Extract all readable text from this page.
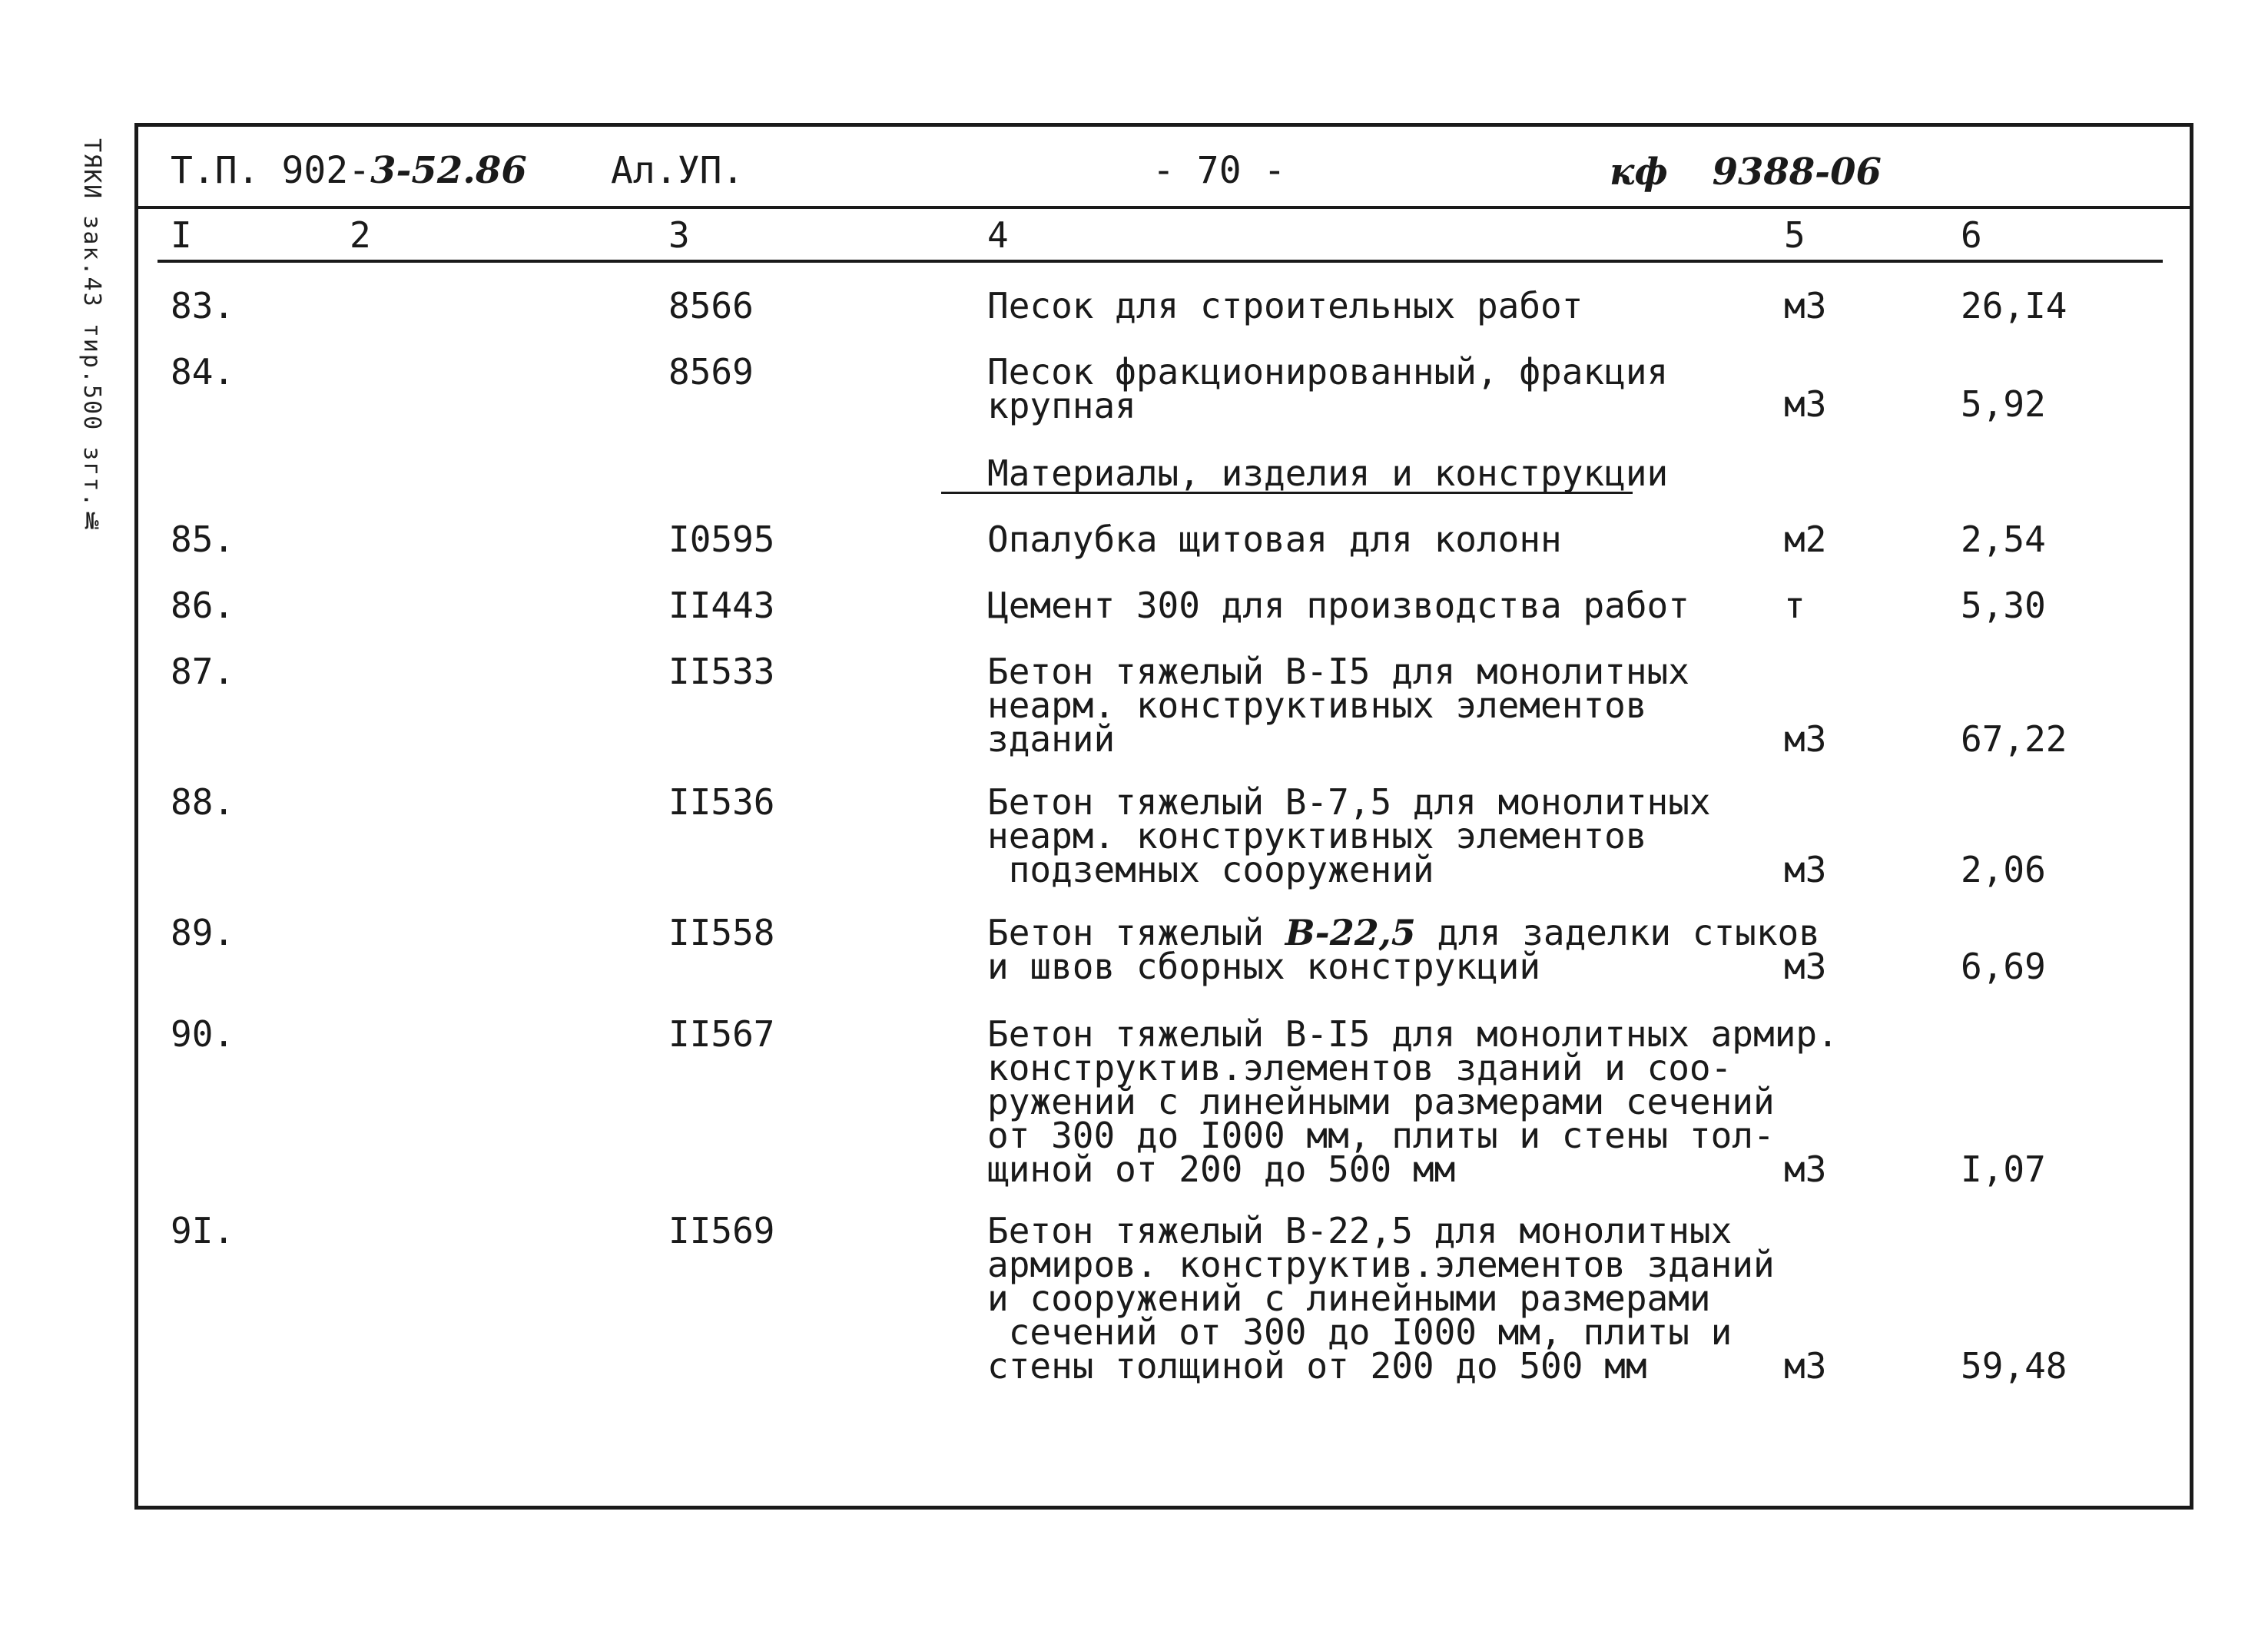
ТЯКИ зак.43 тир.500 згт.№ Т.П. 902-3-52.86 Ал.УП.	- 70 -	кф 9388-06
I	2	3	4	5	6
83.	8566	Песок для строительных работ	м3	26,I4
84.	8569	Песок фракционированный, фракция
крупная	м3	5,92
Материалы, изделия и конструкции
85.	I0595	Опалубка щитовая для колонн	м2	2,54
86.	II443	Цемент 300 для производства работ	т	5,30
87.	II533	Бетон тяжелый В-I5 для монолитных
неарм. конструктивных элементов
зданий	м3	67,22
88.	II536	Бетон тяжелый В-7,5 для монолитных
неарм. конструктивных элементов
подземных сооружений	м3	2,06
89.	II558	Бетон тяжелый В-22,5 для заделки стыков
и швов сборных конструкций	м3	6,69
90.	II567	Бетон тяжелый В-I5 для монолитных армир.
конструктив.элементов зданий и соо-
ружений с линейными размерами сечений
от 300 до I000 мм, плиты и стены тол-
щиной от 200 до 500 мм	м3	I,07
9I.	II569	Бетон тяжелый В-22,5 для монолитных
армиров. конструктив.элементов зданий
и сооружений с линейными размерами
сечений от 300 до I000 мм, плиты и
стены толщиной от 200 до 500 мм	м3	59,48
